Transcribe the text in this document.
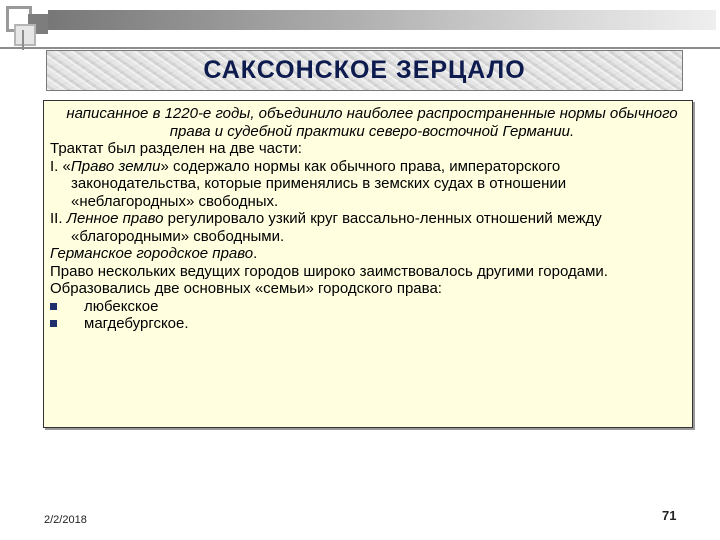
САКСОНСКОЕ ЗЕРЦАЛО
написанное в 1220-е годы, объединило наиболее распространенные нормы обычного права и судебной практики северо-восточной Германии.
Трактат был разделен на две части:
I. «Право земли» содержало нормы как обычного права, императорского законодательства, которые применялись в земских судах в отношении «неблагородных» свободных.
II. Ленное право регулировало узкий круг вассально-ленных отношений между «благородными» свободными.
Германское городское право.
Право нескольких ведущих городов широко заимствовалось другими городами.
Образовались две основных «семьи» городского права:
любекское
магдебургское.
2/2/2018	71
